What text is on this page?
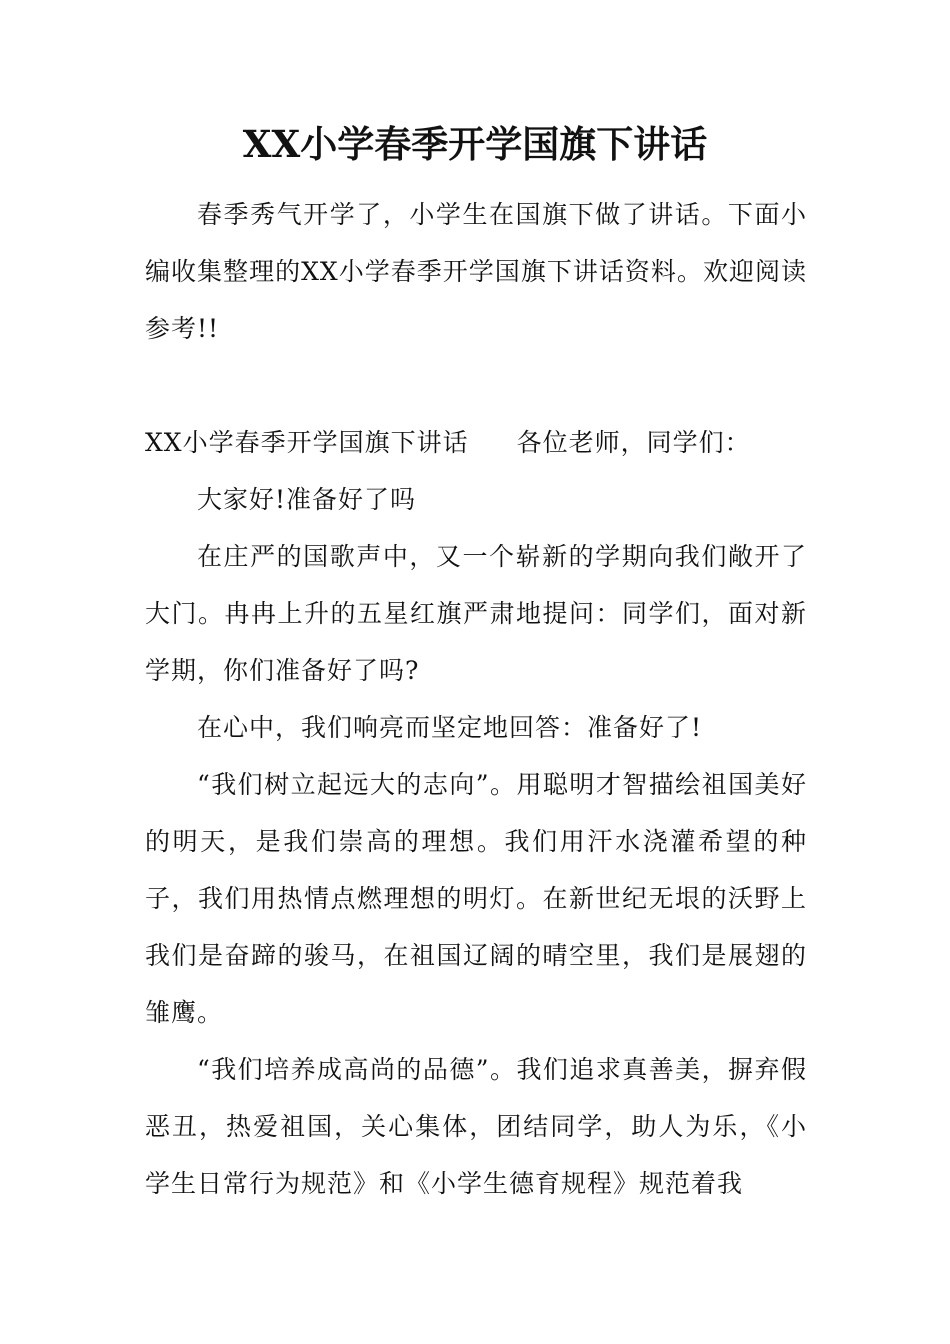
XX小学春季开学国旗下讲话

春季秀气开学了，小学生在国旗下做了讲话。下面小编收集整理的XX小学春季开学国旗下讲话资料。欢迎阅读参考!!

XX小学春季开学国旗下讲话 各位老师，同学们：

大家好!准备好了吗

在庄严的国歌声中，又一个崭新的学期向我们敞开了大门。冉冉上升的五星红旗严肃地提问：同学们，面对新学期，你们准备好了吗?

在心中，我们响亮而坚定地回答：准备好了!

“我们树立起远大的志向”。用聪明才智描绘祖国美好的明天，是我们崇高的理想。我们用汗水浇灌希望的种子，我们用热情点燃理想的明灯。在新世纪无垠的沃野上我们是奋蹄的骏马，在祖国辽阔的晴空里，我们是展翅的雏鹰。

“我们培养成高尚的品德”。我们追求真善美，摒弃假恶丑，热爱祖国，关心集体，团结同学，助人为乐，《小学生日常行为规范》和《小学生德育规程》规范着我
